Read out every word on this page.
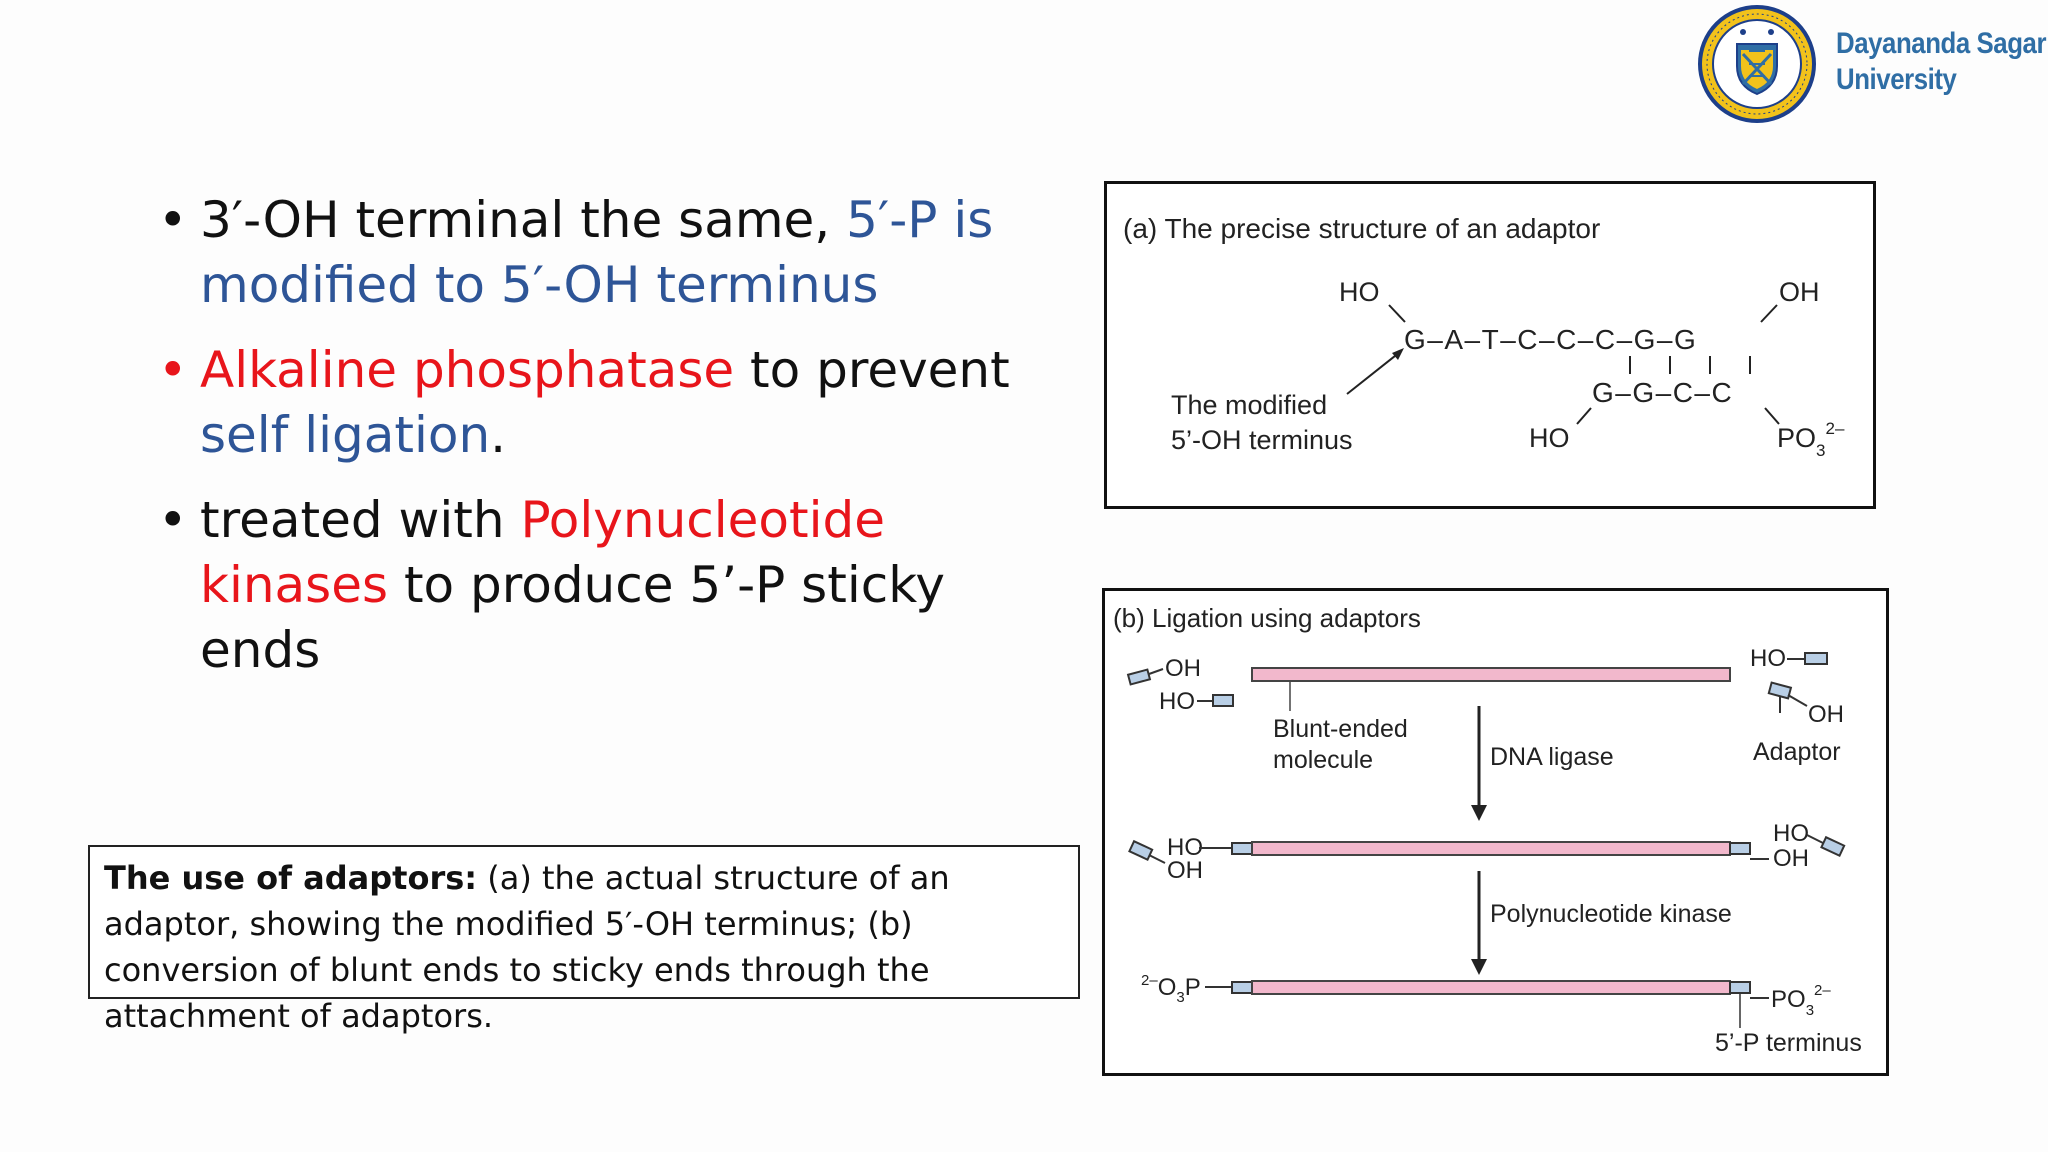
Dayananda Sagar
University
• 3′-OH terminal the same, 5′-P is modified to 5′-OH terminus
• Alkaline phosphatase to prevent self ligation.
• treated with Polynucleotide kinases to produce 5’-P sticky ends
The use of adaptors: (a) the actual structure of an adaptor, showing the modified 5′-OH terminus; (b) conversion of blunt ends to sticky ends through the attachment of adaptors.
(a) The precise structure of an adaptor
HO	OH
G–A–T–C–C–C–G–G
G–G–C–C
HO	$PO_3^{2-}$
The modified
5’-OH terminus
(b) Ligation using adaptors
Blunt-ended
molecule
OH
HO
HO
OH
Adaptor
DNA ligase
HO
OH
HO
OH
Polynucleotide kinase
$^{2-}O_3P$	$PO_3^{2-}$
5’-P terminus
